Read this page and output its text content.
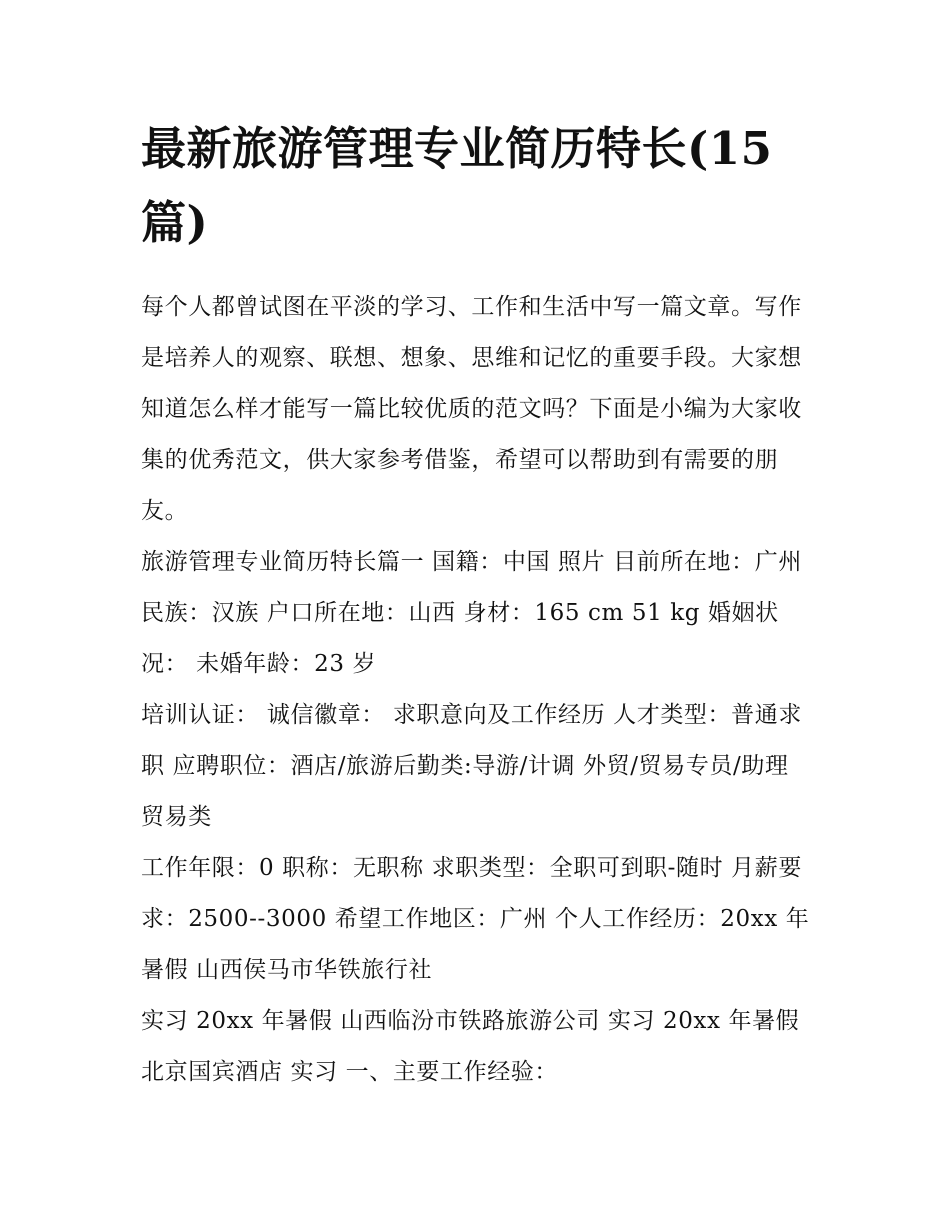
最新旅游管理专业简历特长(15篇)

每个人都曾试图在平淡的学习、工作和生活中写一篇文章。写作是培养人的观察、联想、想象、思维和记忆的重要手段。大家想知道怎么样才能写一篇比较优质的范文吗？下面是小编为大家收集的优秀范文，供大家参考借鉴，希望可以帮助到有需要的朋友。

旅游管理专业简历特长篇一 国籍：中国 照片 目前所在地：广州 民族：汉族 户口所在地：山西 身材：165 cm 51 kg 婚姻状况： 未婚年龄：23 岁

培训认证： 诚信徽章： 求职意向及工作经历 人才类型：普通求职 应聘职位：酒店/旅游后勤类:导游/计调 外贸/贸易专员/助理 贸易类

工作年限：0 职称：无职称 求职类型：全职可到职-随时 月薪要求：2500--3000 希望工作地区：广州 个人工作经历：20xx 年暑假 山西侯马市华铁旅行社

实习 20xx 年暑假 山西临汾市铁路旅游公司 实习 20xx 年暑假 北京国宾酒店 实习 一、主要工作经验：
